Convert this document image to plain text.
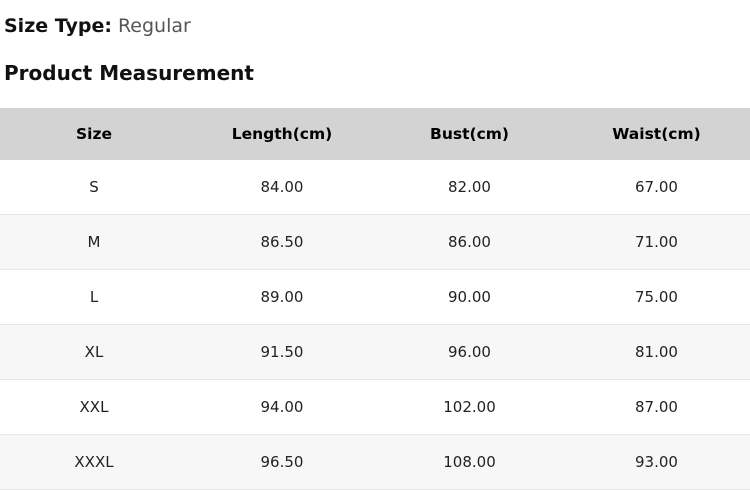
Size Type: Regular
Product Measurement
Size	Length(cm)	Bust(cm)	Waist(cm)
S	84.00	82.00	67.00
M	86.50	86.00	71.00
L	89.00	90.00	75.00
XL	91.50	96.00	81.00
XXL	94.00	102.00	87.00
XXXL	96.50	108.00	93.00
